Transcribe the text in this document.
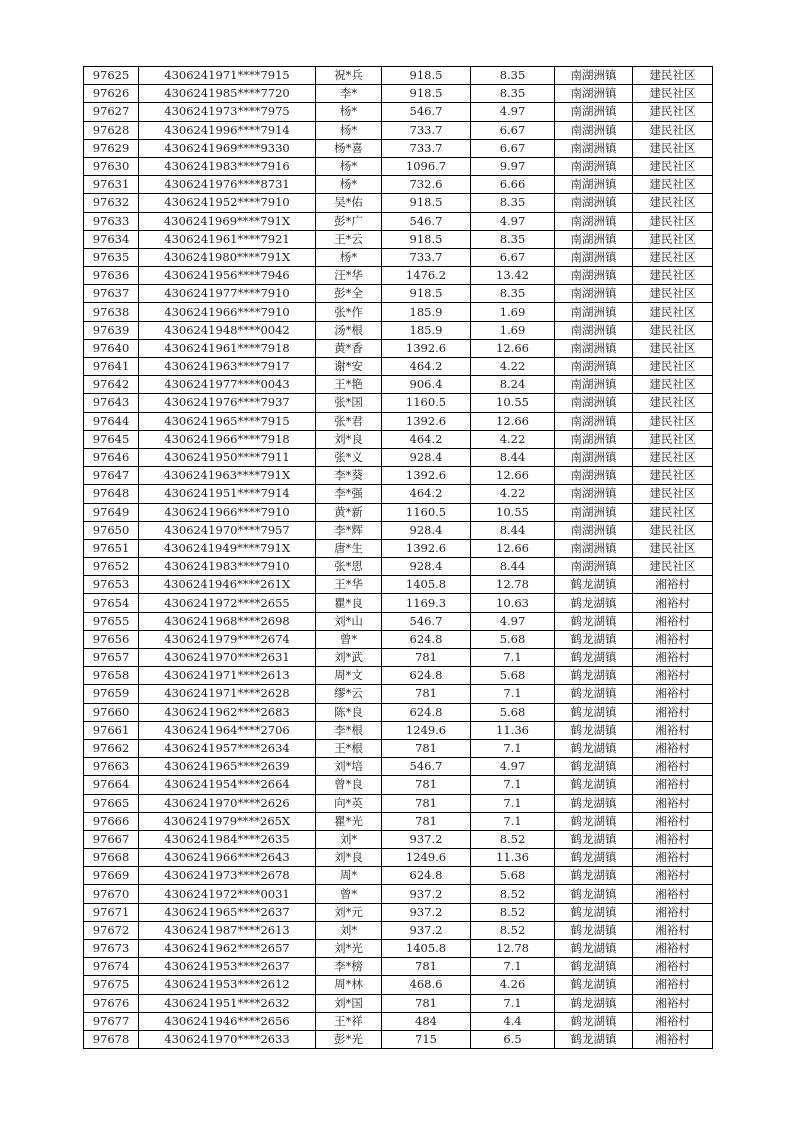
97625	4306241971****7915	祝*兵	918.5	8.35	南湖洲镇	建民社区
97626	4306241985****7720	李*	918.5	8.35	南湖洲镇	建民社区
97627	4306241973****7975	杨*	546.7	4.97	南湖洲镇	建民社区
97628	4306241996****7914	杨*	733.7	6.67	南湖洲镇	建民社区
97629	4306241969****9330	杨*喜	733.7	6.67	南湖洲镇	建民社区
97630	4306241983****7916	杨*	1096.7	9.97	南湖洲镇	建民社区
97631	4306241976****8731	杨*	732.6	6.66	南湖洲镇	建民社区
97632	4306241952****7910	吴*佑	918.5	8.35	南湖洲镇	建民社区
97633	4306241969****791X	彭*广	546.7	4.97	南湖洲镇	建民社区
97634	4306241961****7921	王*云	918.5	8.35	南湖洲镇	建民社区
97635	4306241980****791X	杨*	733.7	6.67	南湖洲镇	建民社区
97636	4306241956****7946	汪*华	1476.2	13.42	南湖洲镇	建民社区
97637	4306241977****7910	彭*全	918.5	8.35	南湖洲镇	建民社区
97638	4306241966****7910	张*作	185.9	1.69	南湖洲镇	建民社区
97639	4306241948****0042	汤*根	185.9	1.69	南湖洲镇	建民社区
97640	4306241961****7918	黄*香	1392.6	12.66	南湖洲镇	建民社区
97641	4306241963****7917	谢*安	464.2	4.22	南湖洲镇	建民社区
97642	4306241977****0043	王*艳	906.4	8.24	南湖洲镇	建民社区
97643	4306241976****7937	张*国	1160.5	10.55	南湖洲镇	建民社区
97644	4306241965****7915	张*君	1392.6	12.66	南湖洲镇	建民社区
97645	4306241966****7918	刘*良	464.2	4.22	南湖洲镇	建民社区
97646	4306241950****7911	张*义	928.4	8.44	南湖洲镇	建民社区
97647	4306241963****791X	李*葵	1392.6	12.66	南湖洲镇	建民社区
97648	4306241951****7914	李*强	464.2	4.22	南湖洲镇	建民社区
97649	4306241966****7910	黄*新	1160.5	10.55	南湖洲镇	建民社区
97650	4306241970****7957	李*辉	928.4	8.44	南湖洲镇	建民社区
97651	4306241949****791X	唐*生	1392.6	12.66	南湖洲镇	建民社区
97652	4306241983****7910	张*思	928.4	8.44	南湖洲镇	建民社区
97653	4306241946****261X	王*华	1405.8	12.78	鹤龙湖镇	湘裕村
97654	4306241972****2655	瞿*良	1169.3	10.63	鹤龙湖镇	湘裕村
97655	4306241968****2698	刘*山	546.7	4.97	鹤龙湖镇	湘裕村
97656	4306241979****2674	曾*	624.8	5.68	鹤龙湖镇	湘裕村
97657	4306241970****2631	刘*武	781	7.1	鹤龙湖镇	湘裕村
97658	4306241971****2613	周*文	624.8	5.68	鹤龙湖镇	湘裕村
97659	4306241971****2628	缪*云	781	7.1	鹤龙湖镇	湘裕村
97660	4306241962****2683	陈*良	624.8	5.68	鹤龙湖镇	湘裕村
97661	4306241964****2706	李*根	1249.6	11.36	鹤龙湖镇	湘裕村
97662	4306241957****2634	王*根	781	7.1	鹤龙湖镇	湘裕村
97663	4306241965****2639	刘*培	546.7	4.97	鹤龙湖镇	湘裕村
97664	4306241954****2664	曾*良	781	7.1	鹤龙湖镇	湘裕村
97665	4306241970****2626	向*英	781	7.1	鹤龙湖镇	湘裕村
97666	4306241979****265X	瞿*光	781	7.1	鹤龙湖镇	湘裕村
97667	4306241984****2635	刘*	937.2	8.52	鹤龙湖镇	湘裕村
97668	4306241966****2643	刘*良	1249.6	11.36	鹤龙湖镇	湘裕村
97669	4306241973****2678	周*	624.8	5.68	鹤龙湖镇	湘裕村
97670	4306241972****0031	曾*	937.2	8.52	鹤龙湖镇	湘裕村
97671	4306241965****2637	刘*元	937.2	8.52	鹤龙湖镇	湘裕村
97672	4306241987****2613	刘*	937.2	8.52	鹤龙湖镇	湘裕村
97673	4306241962****2657	刘*光	1405.8	12.78	鹤龙湖镇	湘裕村
97674	4306241953****2637	李*榜	781	7.1	鹤龙湖镇	湘裕村
97675	4306241953****2612	周*林	468.6	4.26	鹤龙湖镇	湘裕村
97676	4306241951****2632	刘*国	781	7.1	鹤龙湖镇	湘裕村
97677	4306241946****2656	王*祥	484	4.4	鹤龙湖镇	湘裕村
97678	4306241970****2633	彭*光	715	6.5	鹤龙湖镇	湘裕村
